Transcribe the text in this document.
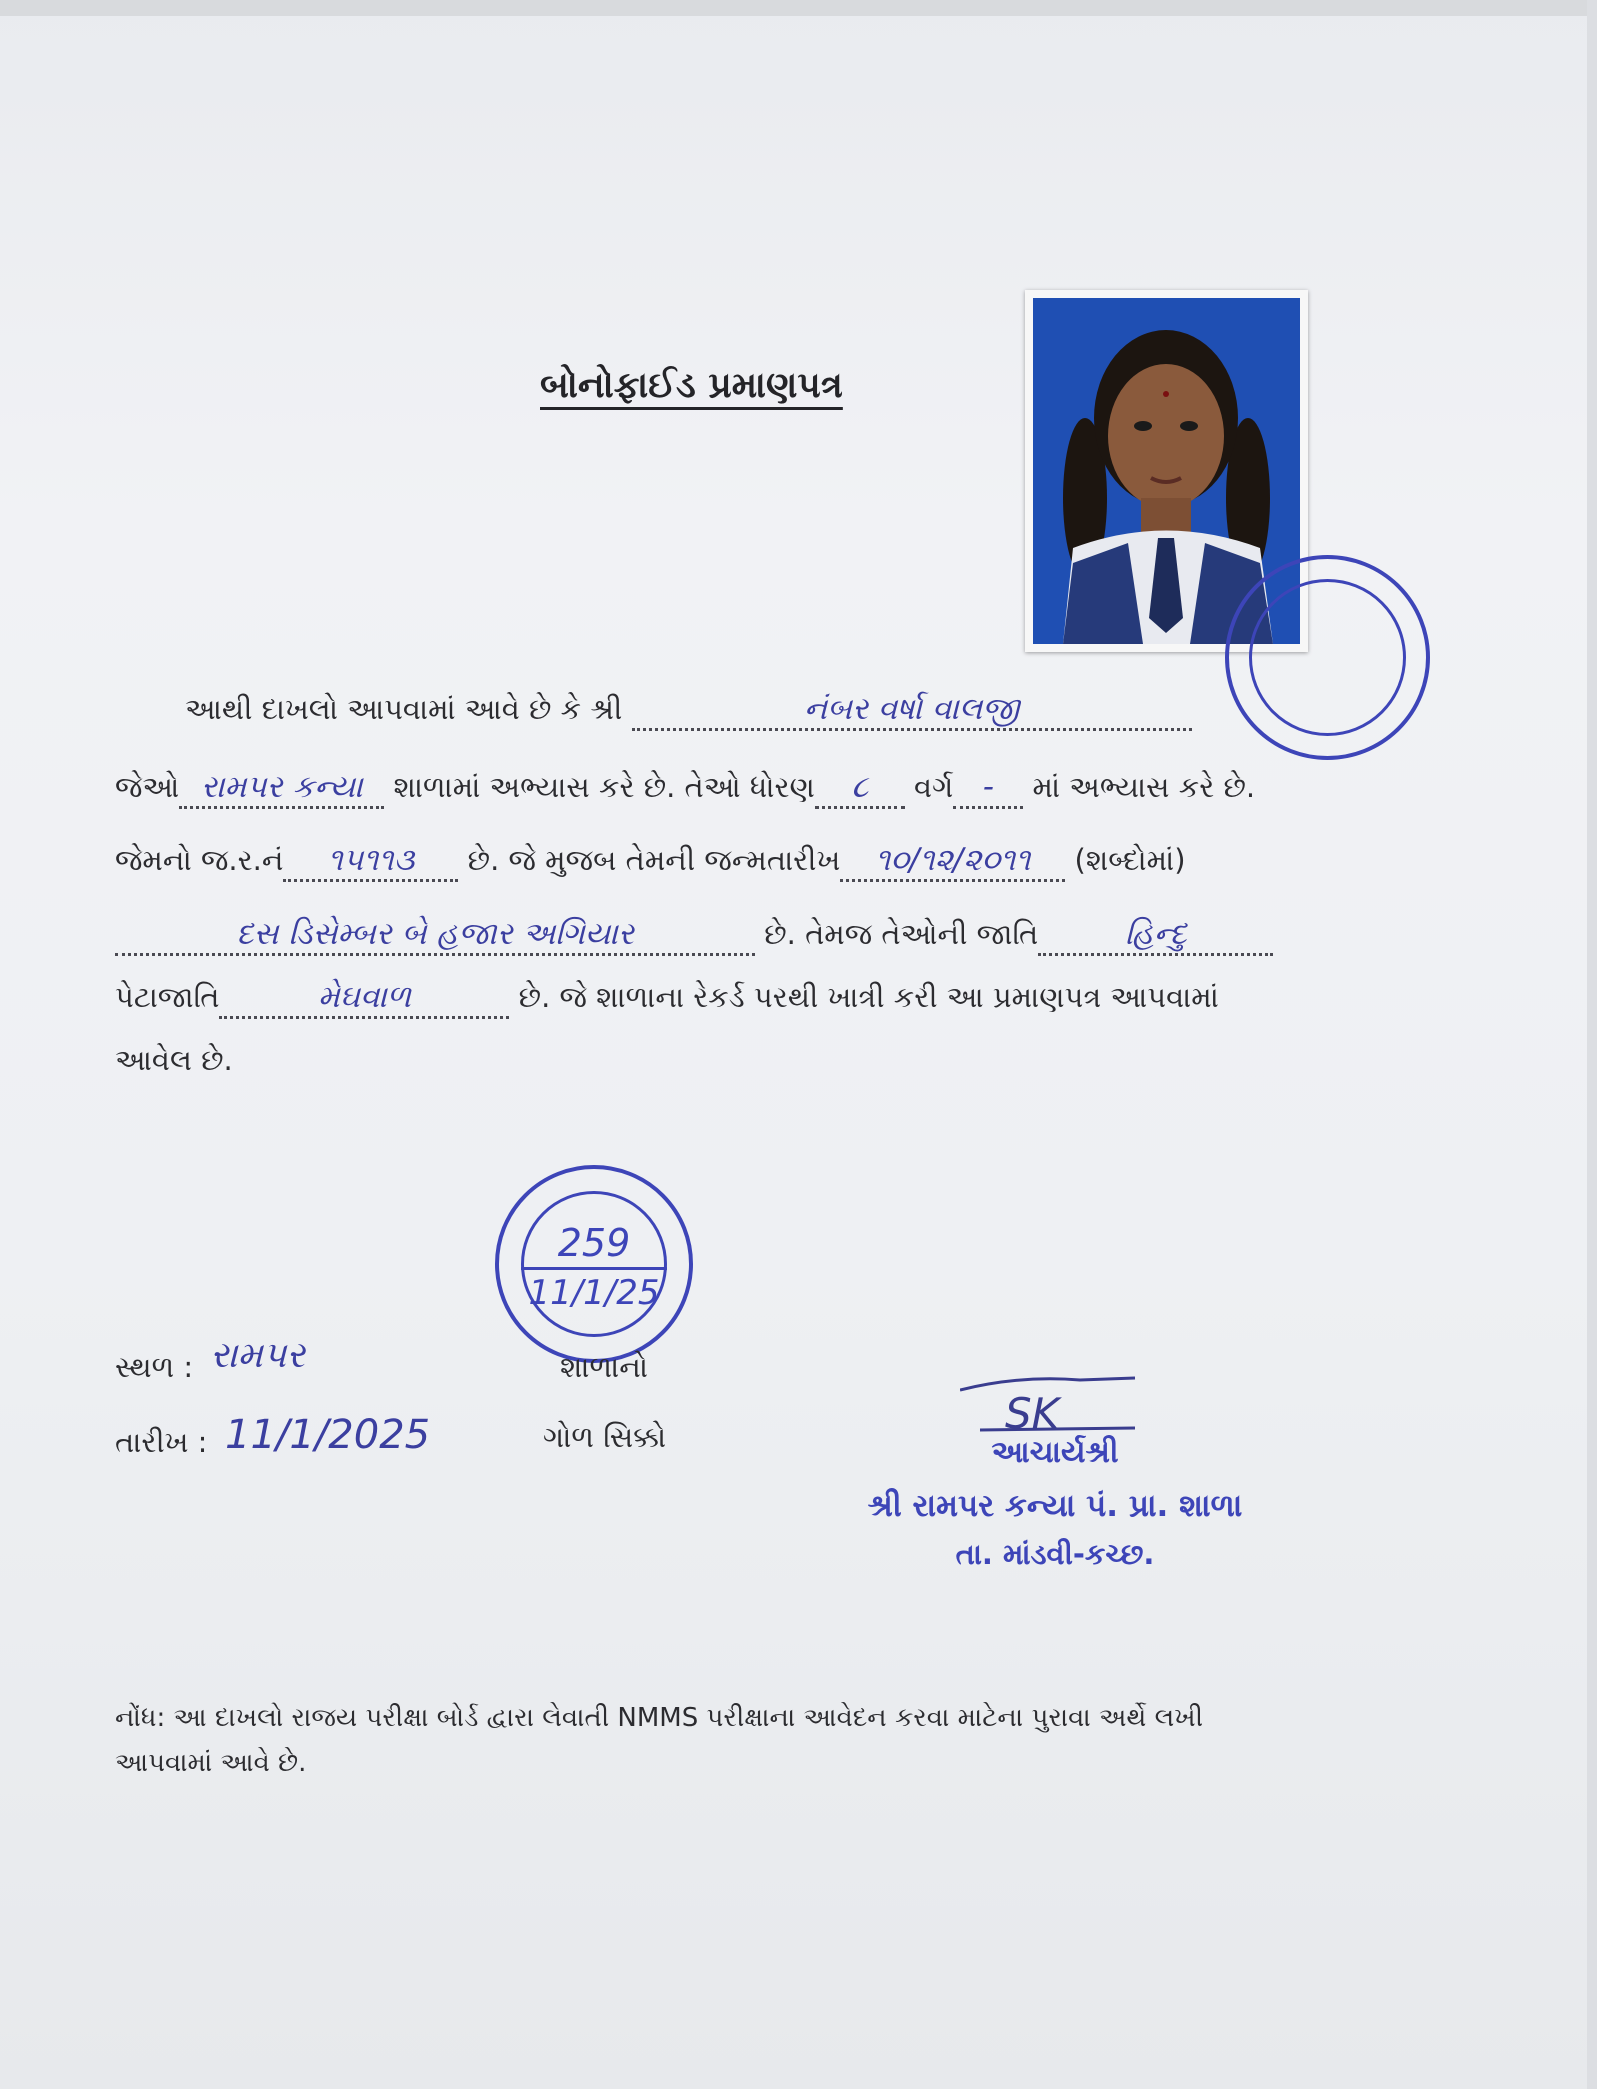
બોનોફાઈડ પ્રમાણપત્ર
આથી દાખલો આપવામાં આવે છે કે શ્રી	નંબર વર્ષા વાલજી
જેઓ રામપર કન્યા શાળામાં અભ્યાસ કરે છે. તેઓ ધોરણ ૮ વર્ગ - માં અભ્યાસ કરે છે.
જેમનો જ.ર.નં ૧૫૧૧૩ છે. જે મુજબ તેમની જન્મતારીખ ૧૦/૧૨/૨૦૧૧ (શબ્દોમાં)
દસ ડિસેમ્બર બે હજાર અગિયાર	છે. તેમજ તેઓની જાતિ	હિન્દુ
પેટાજાતિ	મેઘવાળ	છે. જે શાળાના રેકર્ડ પરથી ખાત્રી કરી આ પ્રમાણપત્ર આપવામાં
આવેલ છે.
259
11/1/25
સ્થળ : રામપર
તારીખ : 11/1/2025
શાળાનો
ગોળ સિક્કો	SK
આચાર્યશ્રી
શ્રી રામપર કન્યા પં. પ્રા. શાળા
તા. માંડવી-કચ્છ.
નોંધ: આ દાખલો રાજય પરીક્ષા બોર્ડ દ્વારા લેવાતી NMMS પરીક્ષાના આવેદન કરવા માટેના પુરાવા અર્થે લખી
આપવામાં આવે છે.
